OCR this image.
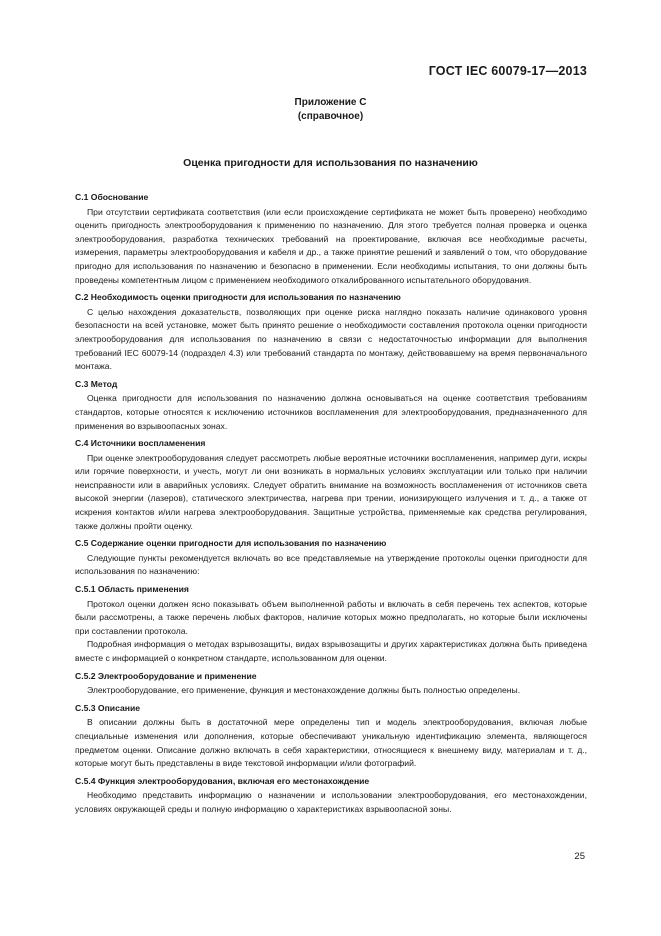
ГОСТ IEC 60079-17—2013
Приложение С
(справочное)
Оценка пригодности для использования по назначению
С.1 Обоснование

При отсутствии сертификата соответствия (или если происхождение сертификата не может быть проверено) необходимо оценить пригодность электрооборудования к применению по назначению. Для этого требуется полная проверка и оценка электрооборудования, разработка технических требований на проектирование, включая все необходимые расчеты, измерения, параметры электрооборудования и кабеля и др., а также принятие решений и заявлений о том, что оборудование пригодно для использования по назначению и безопасно в применении. Если необходимы испытания, то они должны быть проведены компетентным лицом с применением необходимого откалиброванного испытательного оборудования.

С.2 Необходимость оценки пригодности для использования по назначению

С целью нахождения доказательств, позволяющих при оценке риска наглядно показать наличие одинакового уровня безопасности на всей установке, может быть принято решение о необходимости составления протокола оценки пригодности электрооборудования для использования по назначению в связи с недостаточностью информации для выполнения требований IEC 60079-14 (подраздел 4.3) или требований стандарта по монтажу, действовавшему на время первоначального монтажа.

С.3 Метод

Оценка пригодности для использования по назначению должна основываться на оценке соответствия требованиям стандартов, которые относятся к исключению источников воспламенения для электрооборудования, предназначенного для применения во взрывоопасных зонах.

С.4 Источники воспламенения

При оценке электрооборудования следует рассмотреть любые вероятные источники воспламенения, например дуги, искры или горячие поверхности, и учесть, могут ли они возникать в нормальных условиях эксплуатации или только при наличии неисправности или в аварийных условиях. Следует обратить внимание на возможность воспламенения от источников света высокой энергии (лазеров), статического электричества, нагрева при трении, ионизирующего излучения и т. д., а также от искрения контактов и/или нагрева электрооборудования. Защитные устройства, применяемые как средства регулирования, также должны пройти оценку.

С.5 Содержание оценки пригодности для использования по назначению

Следующие пункты рекомендуется включать во все представляемые на утверждение протоколы оценки пригодности для использования по назначению:

С.5.1 Область применения

Протокол оценки должен ясно показывать объем выполненной работы и включать в себя перечень тех аспектов, которые были рассмотрены, а также перечень любых факторов, наличие которых можно предполагать, но которые были исключены при составлении протокола.

Подробная информация о методах взрывозащиты, видах взрывозащиты и других характеристиках должна быть приведена вместе с информацией о конкретном стандарте, использованном для оценки.

С.5.2 Электрооборудование и применение

Электрооборудование, его применение, функция и местонахождение должны быть полностью определены.

С.5.3 Описание

В описании должны быть в достаточной мере определены тип и модель электрооборудования, включая любые специальные изменения или дополнения, которые обеспечивают уникальную идентификацию элемента, являющегося предметом оценки. Описание должно включать в себя характеристики, относящиеся к внешнему виду, материалам и т. д., которые могут быть представлены в виде текстовой информации и/или фотографий.

С.5.4 Функция электрооборудования, включая его местонахождение

Необходимо представить информацию о назначении и использовании электрооборудования, его местонахождении, условиях окружающей среды и полную информацию о характеристиках взрывоопасной зоны.

25
